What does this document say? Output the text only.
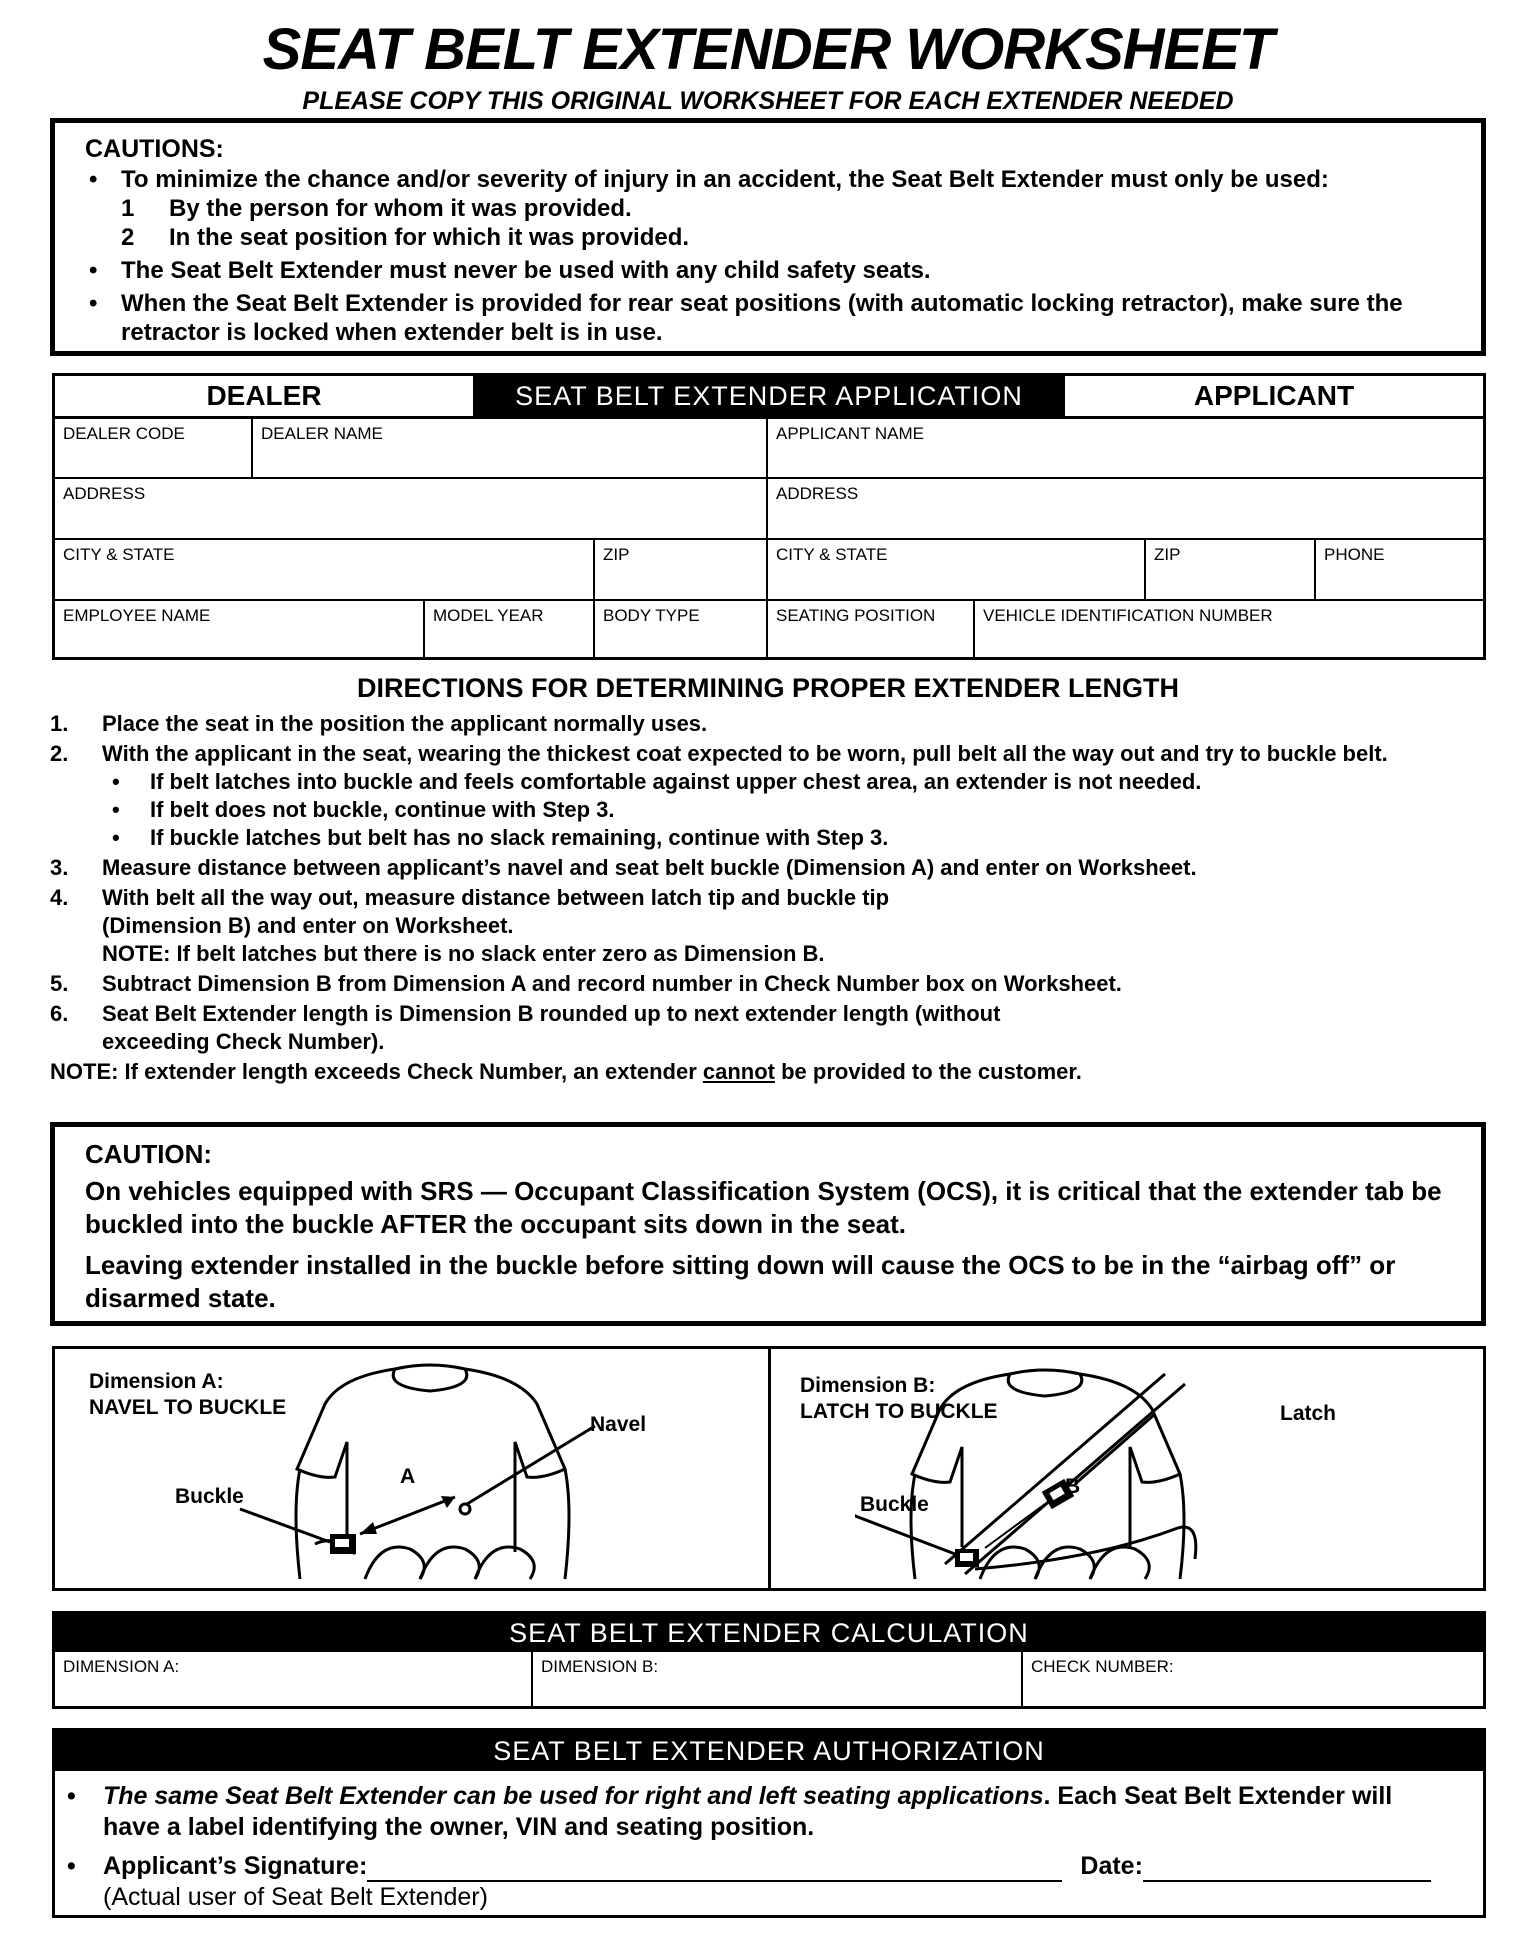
SEAT BELT EXTENDER WORKSHEET
PLEASE COPY THIS ORIGINAL WORKSHEET FOR EACH EXTENDER NEEDED
CAUTIONS:
• To minimize the chance and/or severity of injury in an accident, the Seat Belt Extender must only be used:
1 By the person for whom it was provided.
2 In the seat position for which it was provided.
• The Seat Belt Extender must never be used with any child safety seats.
• When the Seat Belt Extender is provided for rear seat positions (with automatic locking retractor), make sure the retractor is locked when extender belt is in use.
DEALER	SEAT BELT EXTENDER APPLICATION	APPLICANT
DEALER CODE	DEALER NAME	APPLICANT NAME
ADDRESS	ADDRESS
CITY & STATE	ZIP	CITY & STATE	ZIP	PHONE
EMPLOYEE NAME	MODEL YEAR	BODY TYPE	SEATING POSITION	VEHICLE IDENTIFICATION NUMBER
DIRECTIONS FOR DETERMINING PROPER EXTENDER LENGTH
1. Place the seat in the position the applicant normally uses.
2. With the applicant in the seat, wearing the thickest coat expected to be worn, pull belt all the way out and try to buckle belt.
• If belt latches into buckle and feels comfortable against upper chest area, an extender is not needed.
• If belt does not buckle, continue with Step 3.
• If buckle latches but belt has no slack remaining, continue with Step 3.
3. Measure distance between applicant’s navel and seat belt buckle (Dimension A) and enter on Worksheet.
4. With belt all the way out, measure distance between latch tip and buckle tip (Dimension B) and enter on Worksheet.
NOTE: If belt latches but there is no slack enter zero as Dimension B.
5. Subtract Dimension B from Dimension A and record number in Check Number box on Worksheet.
6. Seat Belt Extender length is Dimension B rounded up to next extender length (without exceeding Check Number).
NOTE: If extender length exceeds Check Number, an extender cannot be provided to the customer.
CAUTION:

On vehicles equipped with SRS — Occupant Classification System (OCS), it is critical that the extender tab be buckled into the buckle AFTER the occupant sits down in the seat.

Leaving extender installed in the buckle before sitting down will cause the OCS to be in the “airbag off” or disarmed state.

Dimension A:
NAVEL TO BUCKLE
Navel
Buckle
A
Dimension B:
LATCH TO BUCKLE	Latch
Buckle
B
SEAT BELT EXTENDER CALCULATION
DIMENSION A:	DIMENSION B:	CHECK NUMBER:
SEAT BELT EXTENDER AUTHORIZATION
• The same Seat Belt Extender can be used for right and left seating applications. Each Seat Belt Extender will have a label identifying the owner, VIN and seating position.
• Applicant’s Signature:	Date:
(Actual user of Seat Belt Extender)
